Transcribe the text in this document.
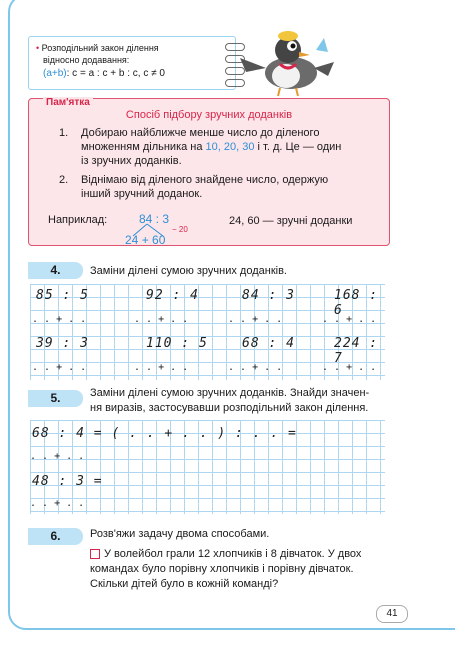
• Розподільний закон ділення
відносно додавання:
(a+b): c = a : c + b : c, c ≠ 0
Пам'ятка
Спосіб підбору зручних доданків
1. Добираю найближче менше число до діленого
множенням дільника на 10, 20, 30 і т. д. Це — один
із зручних доданків.
2. Віднімаю від діленого знайдене число, одержую
інший зручний доданок.
Наприклад:	84 : 3
− 20
24 + 60
24, 60 — зручні доданки
4.	Заміни ділені сумою зручних доданків.
85 : 5	92 : 4	84 : 3	168 : 6
. . + . .	. . + . .	. . + . .	. . + . .
39 : 3	110 : 5	68 : 4	224 : 7
. . + . .	. . + . .	. . + . .	. . + . .
5.	Заміни ділені сумою зручних доданків. Знайди значен-
ня виразів, застосувавши розподільний закон ділення.
68 : 4 = ( . . + . . ) : . . =
. . + . .
48 : 3 =
. . + . .
6.	Розв'яжи задачу двома способами.
У волейбол грали 12 хлопчиків і 8 дівчаток. У двох
командах було порівну хлопчиків і порівну дівчаток.
Скільки дітей було в кожній команді?
41
